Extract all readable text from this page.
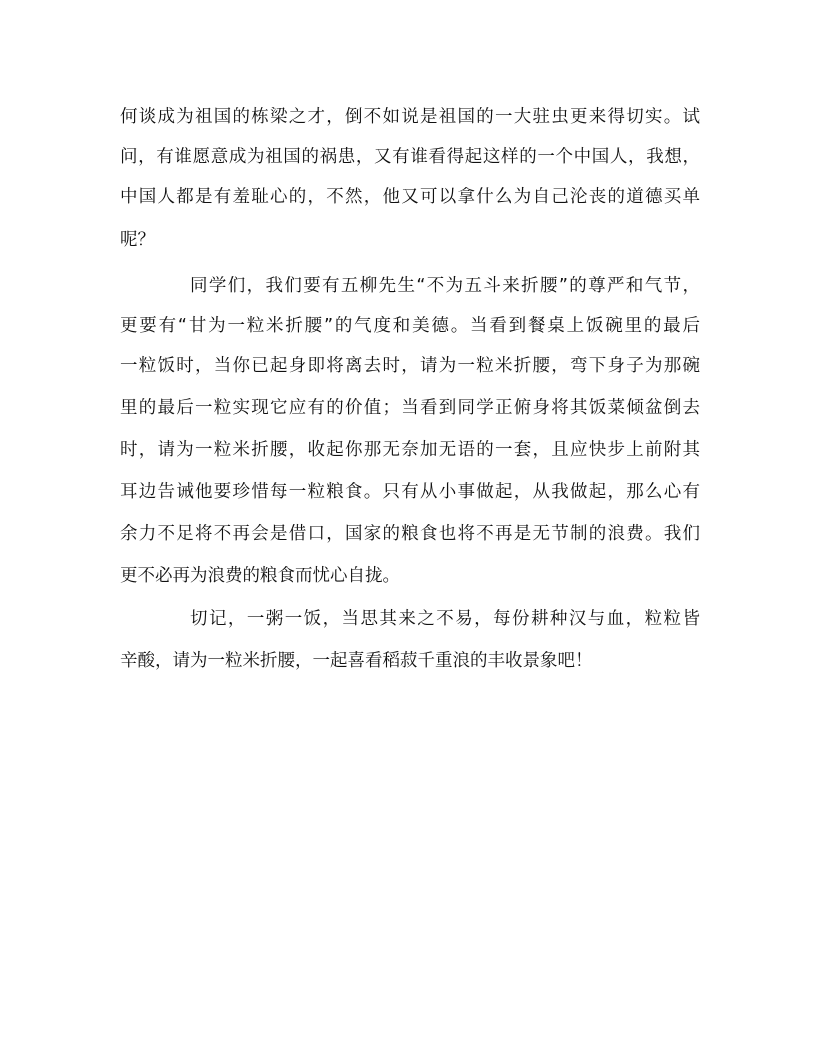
何谈成为祖国的栋梁之才，倒不如说是祖国的一大驻虫更来得切实。试
问，有谁愿意成为祖国的祸患，又有谁看得起这样的一个中国人，我想，
中国人都是有羞耻心的，不然，他又可以拿什么为自己沦丧的道德买单
呢？
同学们，我们要有五柳先生“不为五斗来折腰”的尊严和气节，
更要有“甘为一粒米折腰”的气度和美德。当看到餐桌上饭碗里的最后
一粒饭时，当你已起身即将离去时，请为一粒米折腰，弯下身子为那碗
里的最后一粒实现它应有的价值；当看到同学正俯身将其饭菜倾盆倒去
时，请为一粒米折腰，收起你那无奈加无语的一套，且应快步上前附其
耳边告诫他要珍惜每一粒粮食。只有从小事做起，从我做起，那么心有
余力不足将不再会是借口，国家的粮食也将不再是无节制的浪费。我们
更不必再为浪费的粮食而忧心自拢。
切记，一粥一饭，当思其来之不易，每份耕种汉与血，粒粒皆
辛酸，请为一粒米折腰，一起喜看稻菽千重浪的丰收景象吧！
